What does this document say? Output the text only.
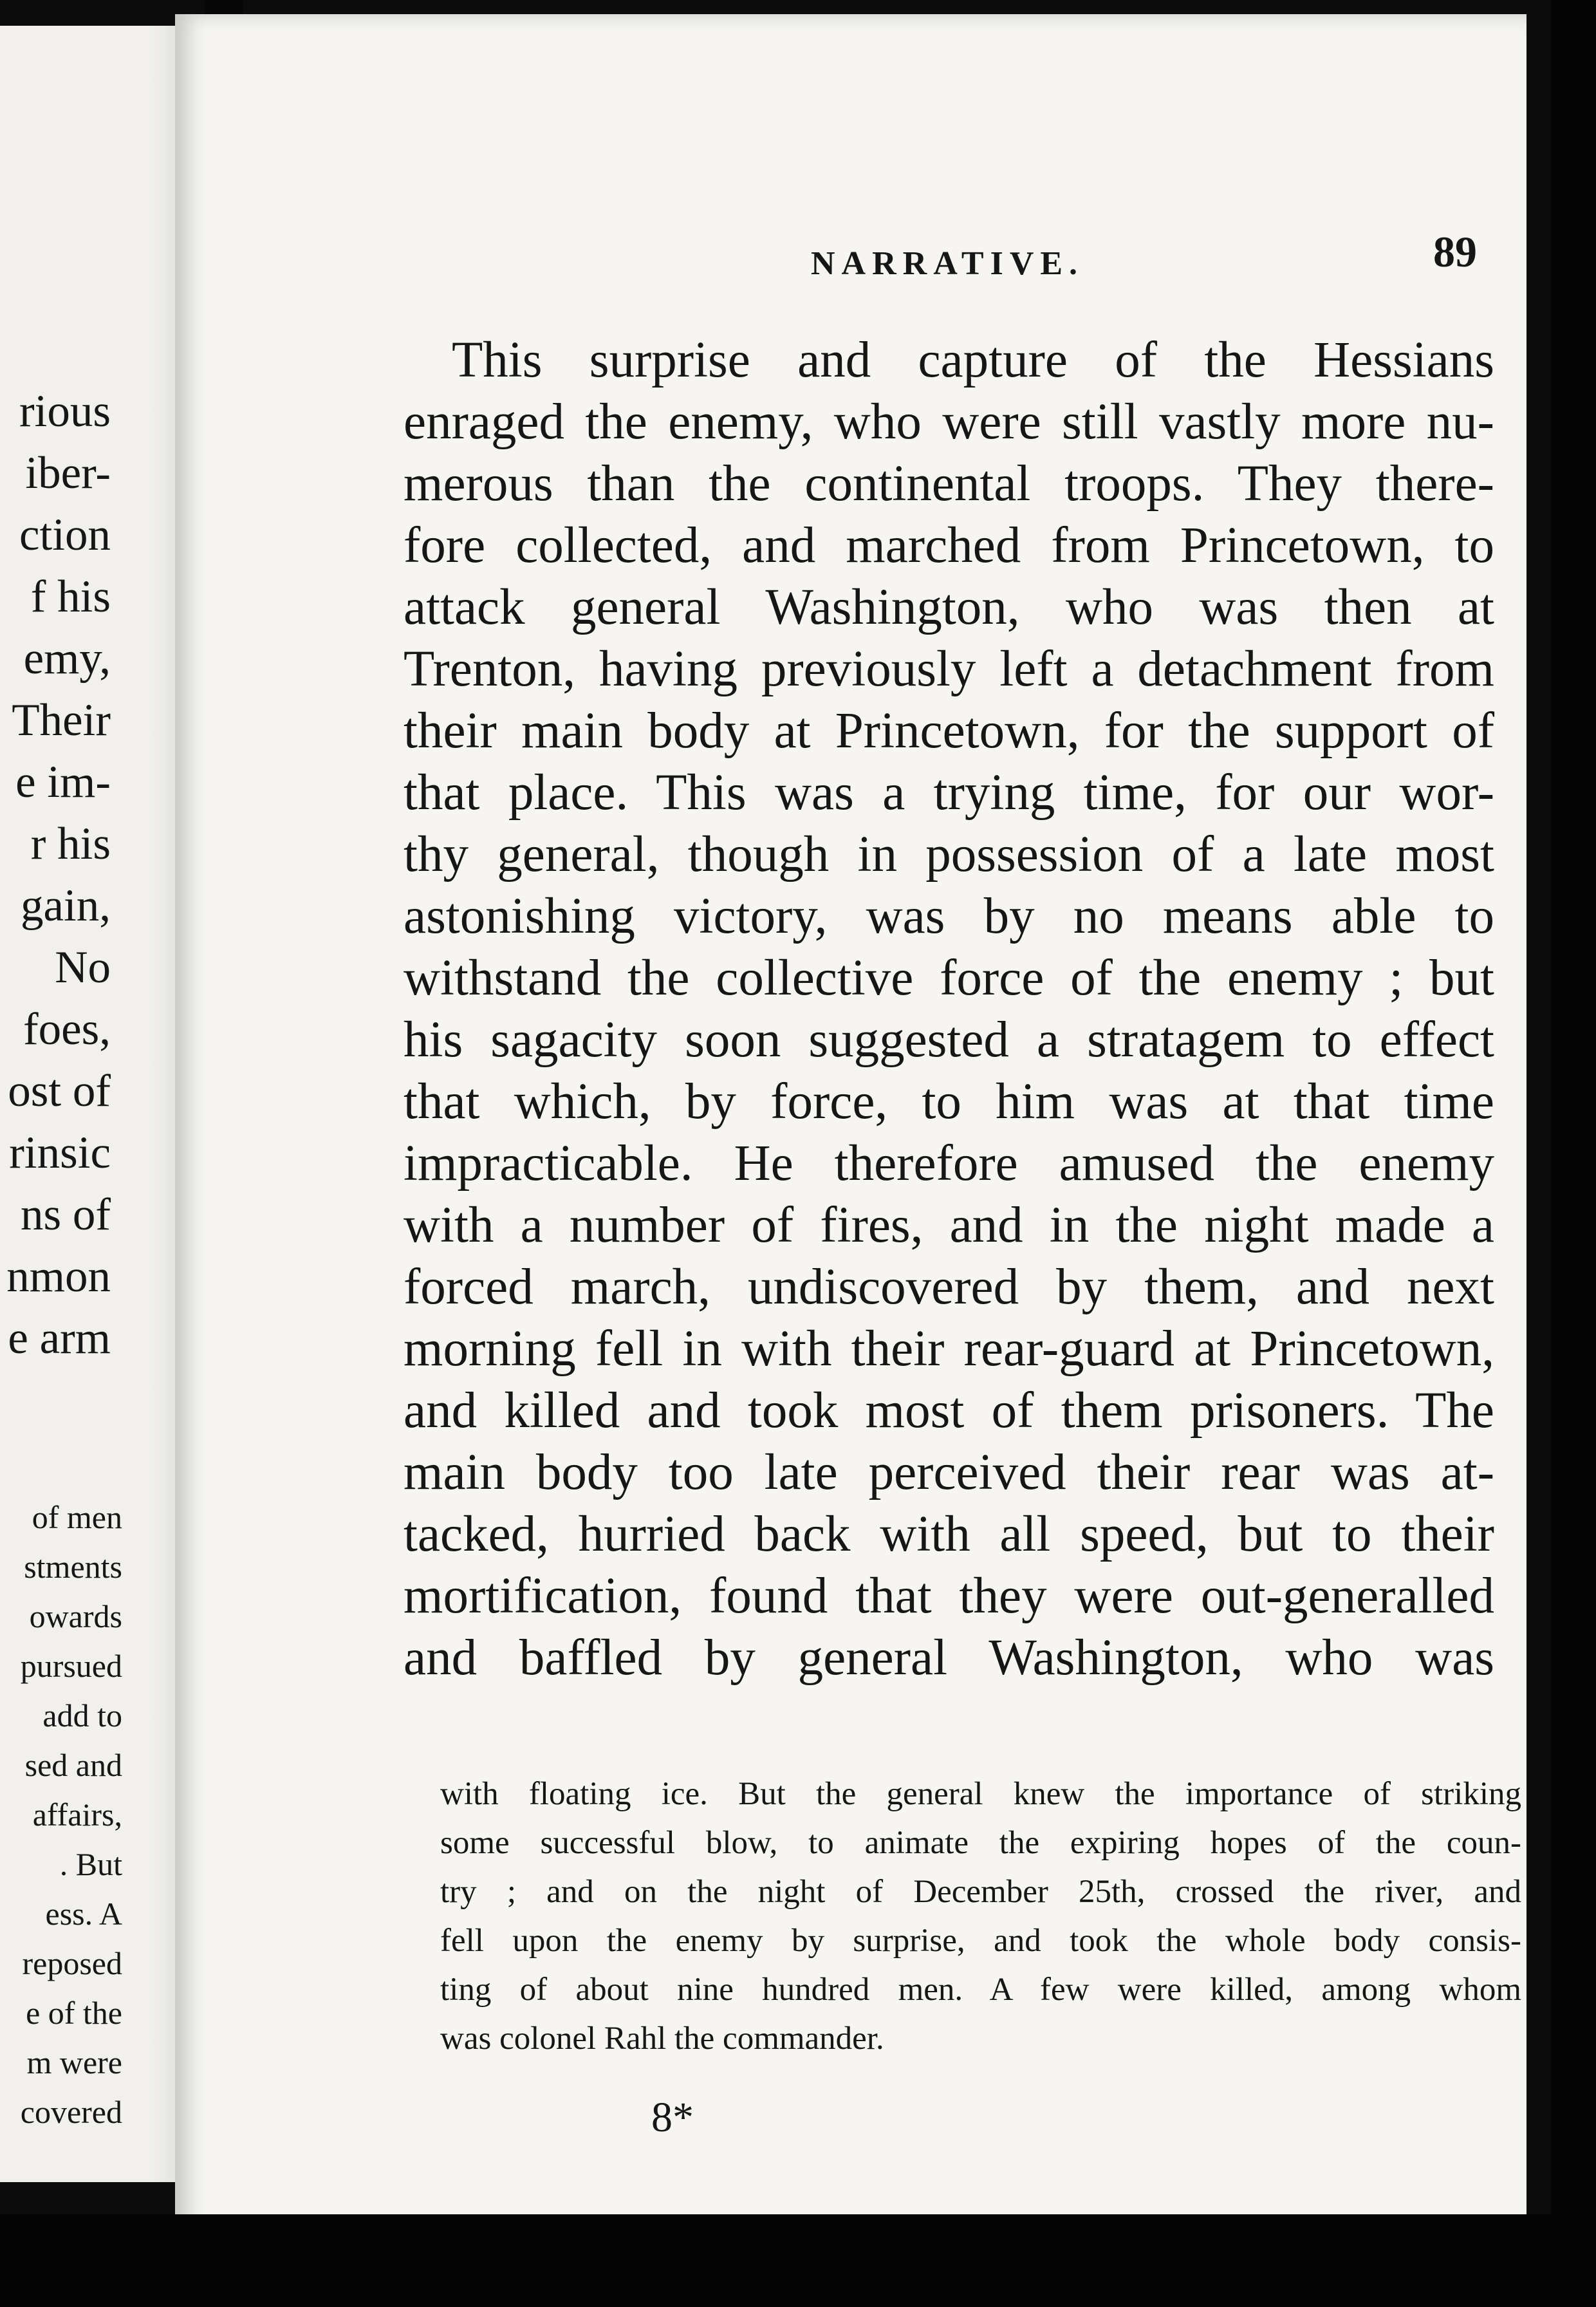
rious
iber-
ction
f his
emy,
Their
e im-
r his
gain,
No
foes,
ost of
rinsic
ns of
nmon
e arm
of men
stments
owards
pursued
add to
sed and
affairs,
. But
ess. A
reposed
e of the
m were
covered
NARRATIVE.	89
This surprise and capture of the Hessians
enraged the enemy, who were still vastly more nu-
merous than the continental troops. They there-
fore collected, and marched from Princetown, to
attack general Washington, who was then at
Trenton, having previously left a detachment from
their main body at Princetown, for the support of
that place. This was a trying time, for our wor-
thy general, though in possession of a late most
astonishing victory, was by no means able to
withstand the collective force of the enemy ; but
his sagacity soon suggested a stratagem to effect
that which, by force, to him was at that time
impracticable. He therefore amused the enemy
with a number of fires, and in the night made a
forced march, undiscovered by them, and next
morning fell in with their rear-guard at Princetown,
and killed and took most of them prisoners. The
main body too late perceived their rear was at-
tacked, hurried back with all speed, but to their
mortification, found that they were out-generalled
and baffled by general Washington, who was
with floating ice. But the general knew the importance of striking
some successful blow, to animate the expiring hopes of the coun-
try ; and on the night of December 25th, crossed the river, and
fell upon the enemy by surprise, and took the whole body consis-
ting of about nine hundred men. A few were killed, among whom
was colonel Rahl the commander.
8*
